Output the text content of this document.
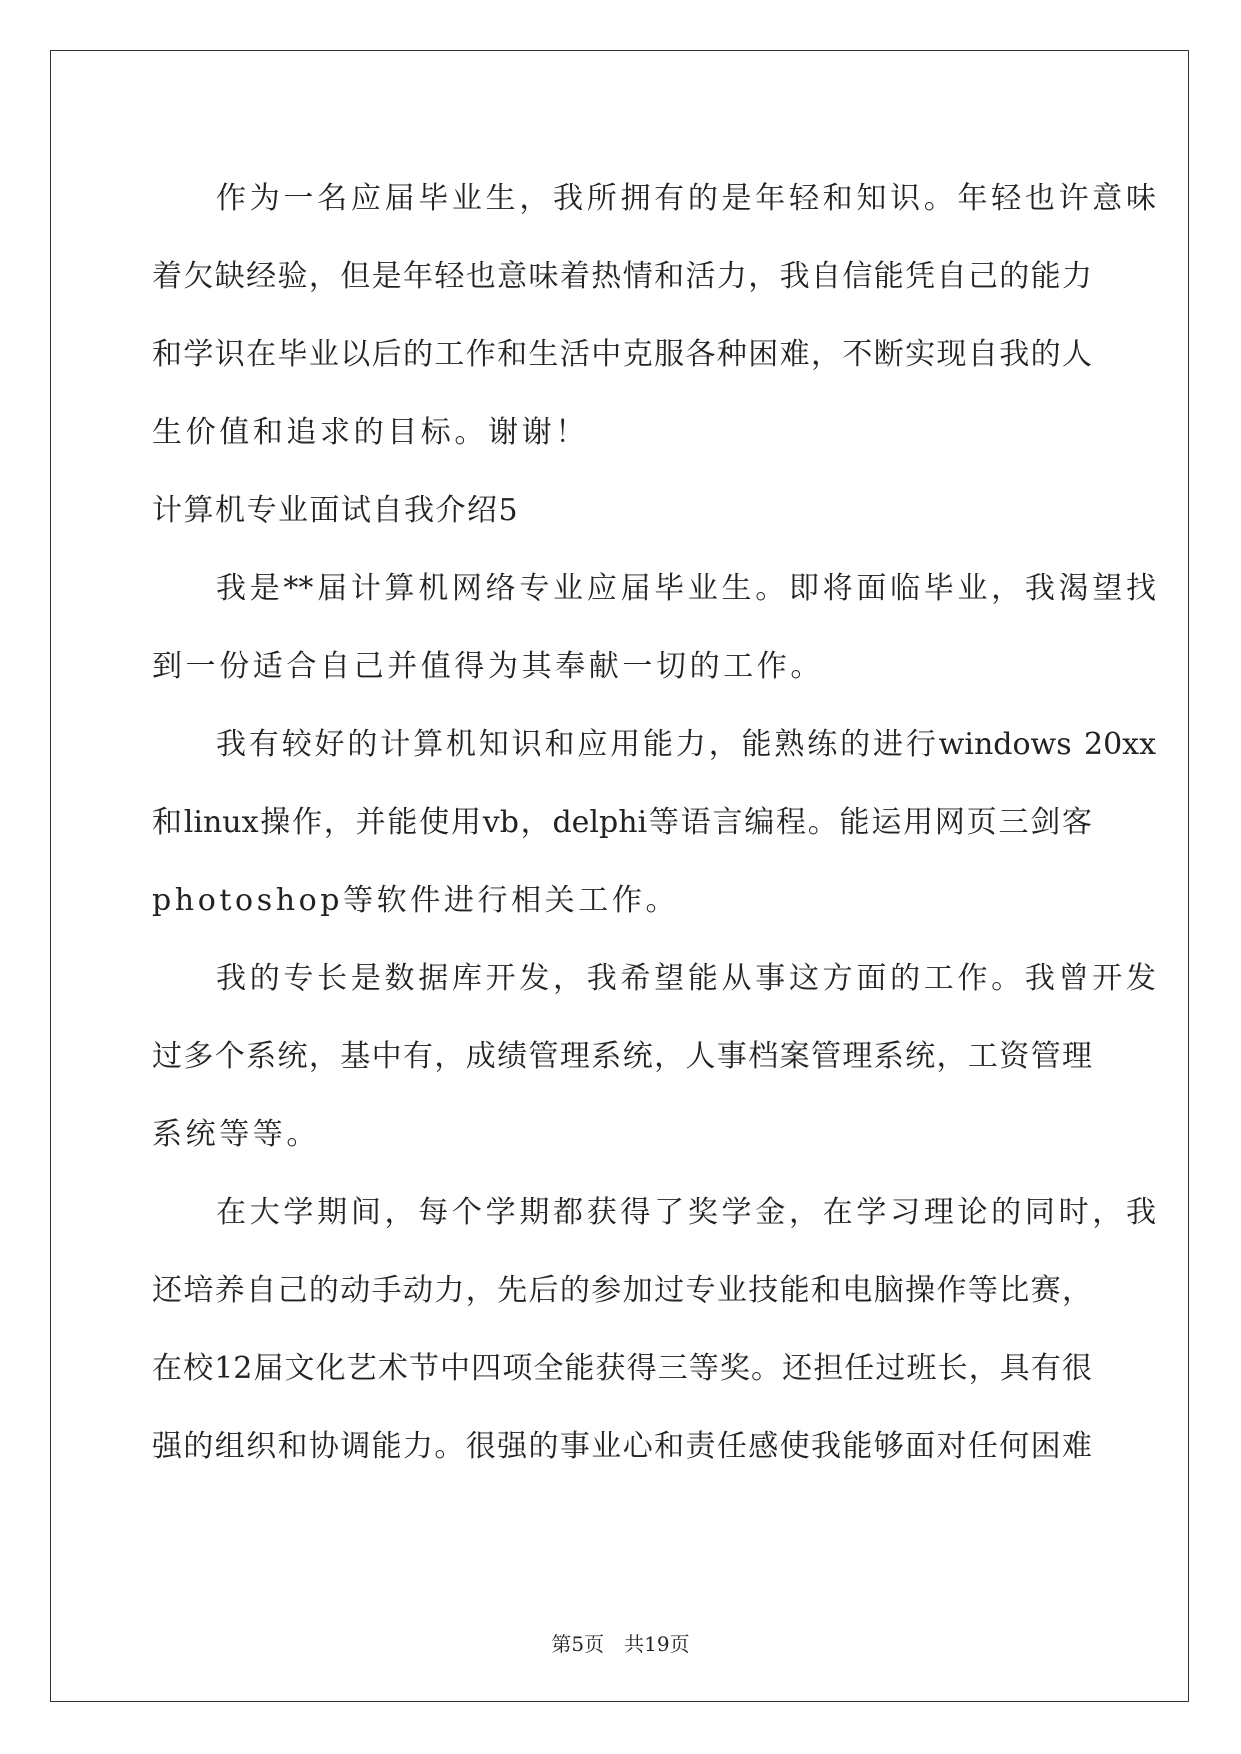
作为一名应届毕业生，我所拥有的是年轻和知识。年轻也许意味
着欠缺经验，但是年轻也意味着热情和活力，我自信能凭自己的能力
和学识在毕业以后的工作和生活中克服各种困难，不断实现自我的人
生价值和追求的目标。谢谢！
计算机专业面试自我介绍5
我是**届计算机网络专业应届毕业生。即将面临毕业，我渴望找
到一份适合自己并值得为其奉献一切的工作。
我有较好的计算机知识和应用能力，能熟练的进行windows 20xx
和linux操作，并能使用vb，delphi等语言编程。能运用网页三剑客
photoshop等软件进行相关工作。
我的专长是数据库开发，我希望能从事这方面的工作。我曾开发
过多个系统，基中有，成绩管理系统，人事档案管理系统，工资管理
系统等等。
在大学期间，每个学期都获得了奖学金，在学习理论的同时，我
还培养自己的动手动力，先后的参加过专业技能和电脑操作等比赛，
在校12届文化艺术节中四项全能获得三等奖。还担任过班长，具有很
强的组织和协调能力。很强的事业心和责任感使我能够面对任何困难
第5页 共19页
